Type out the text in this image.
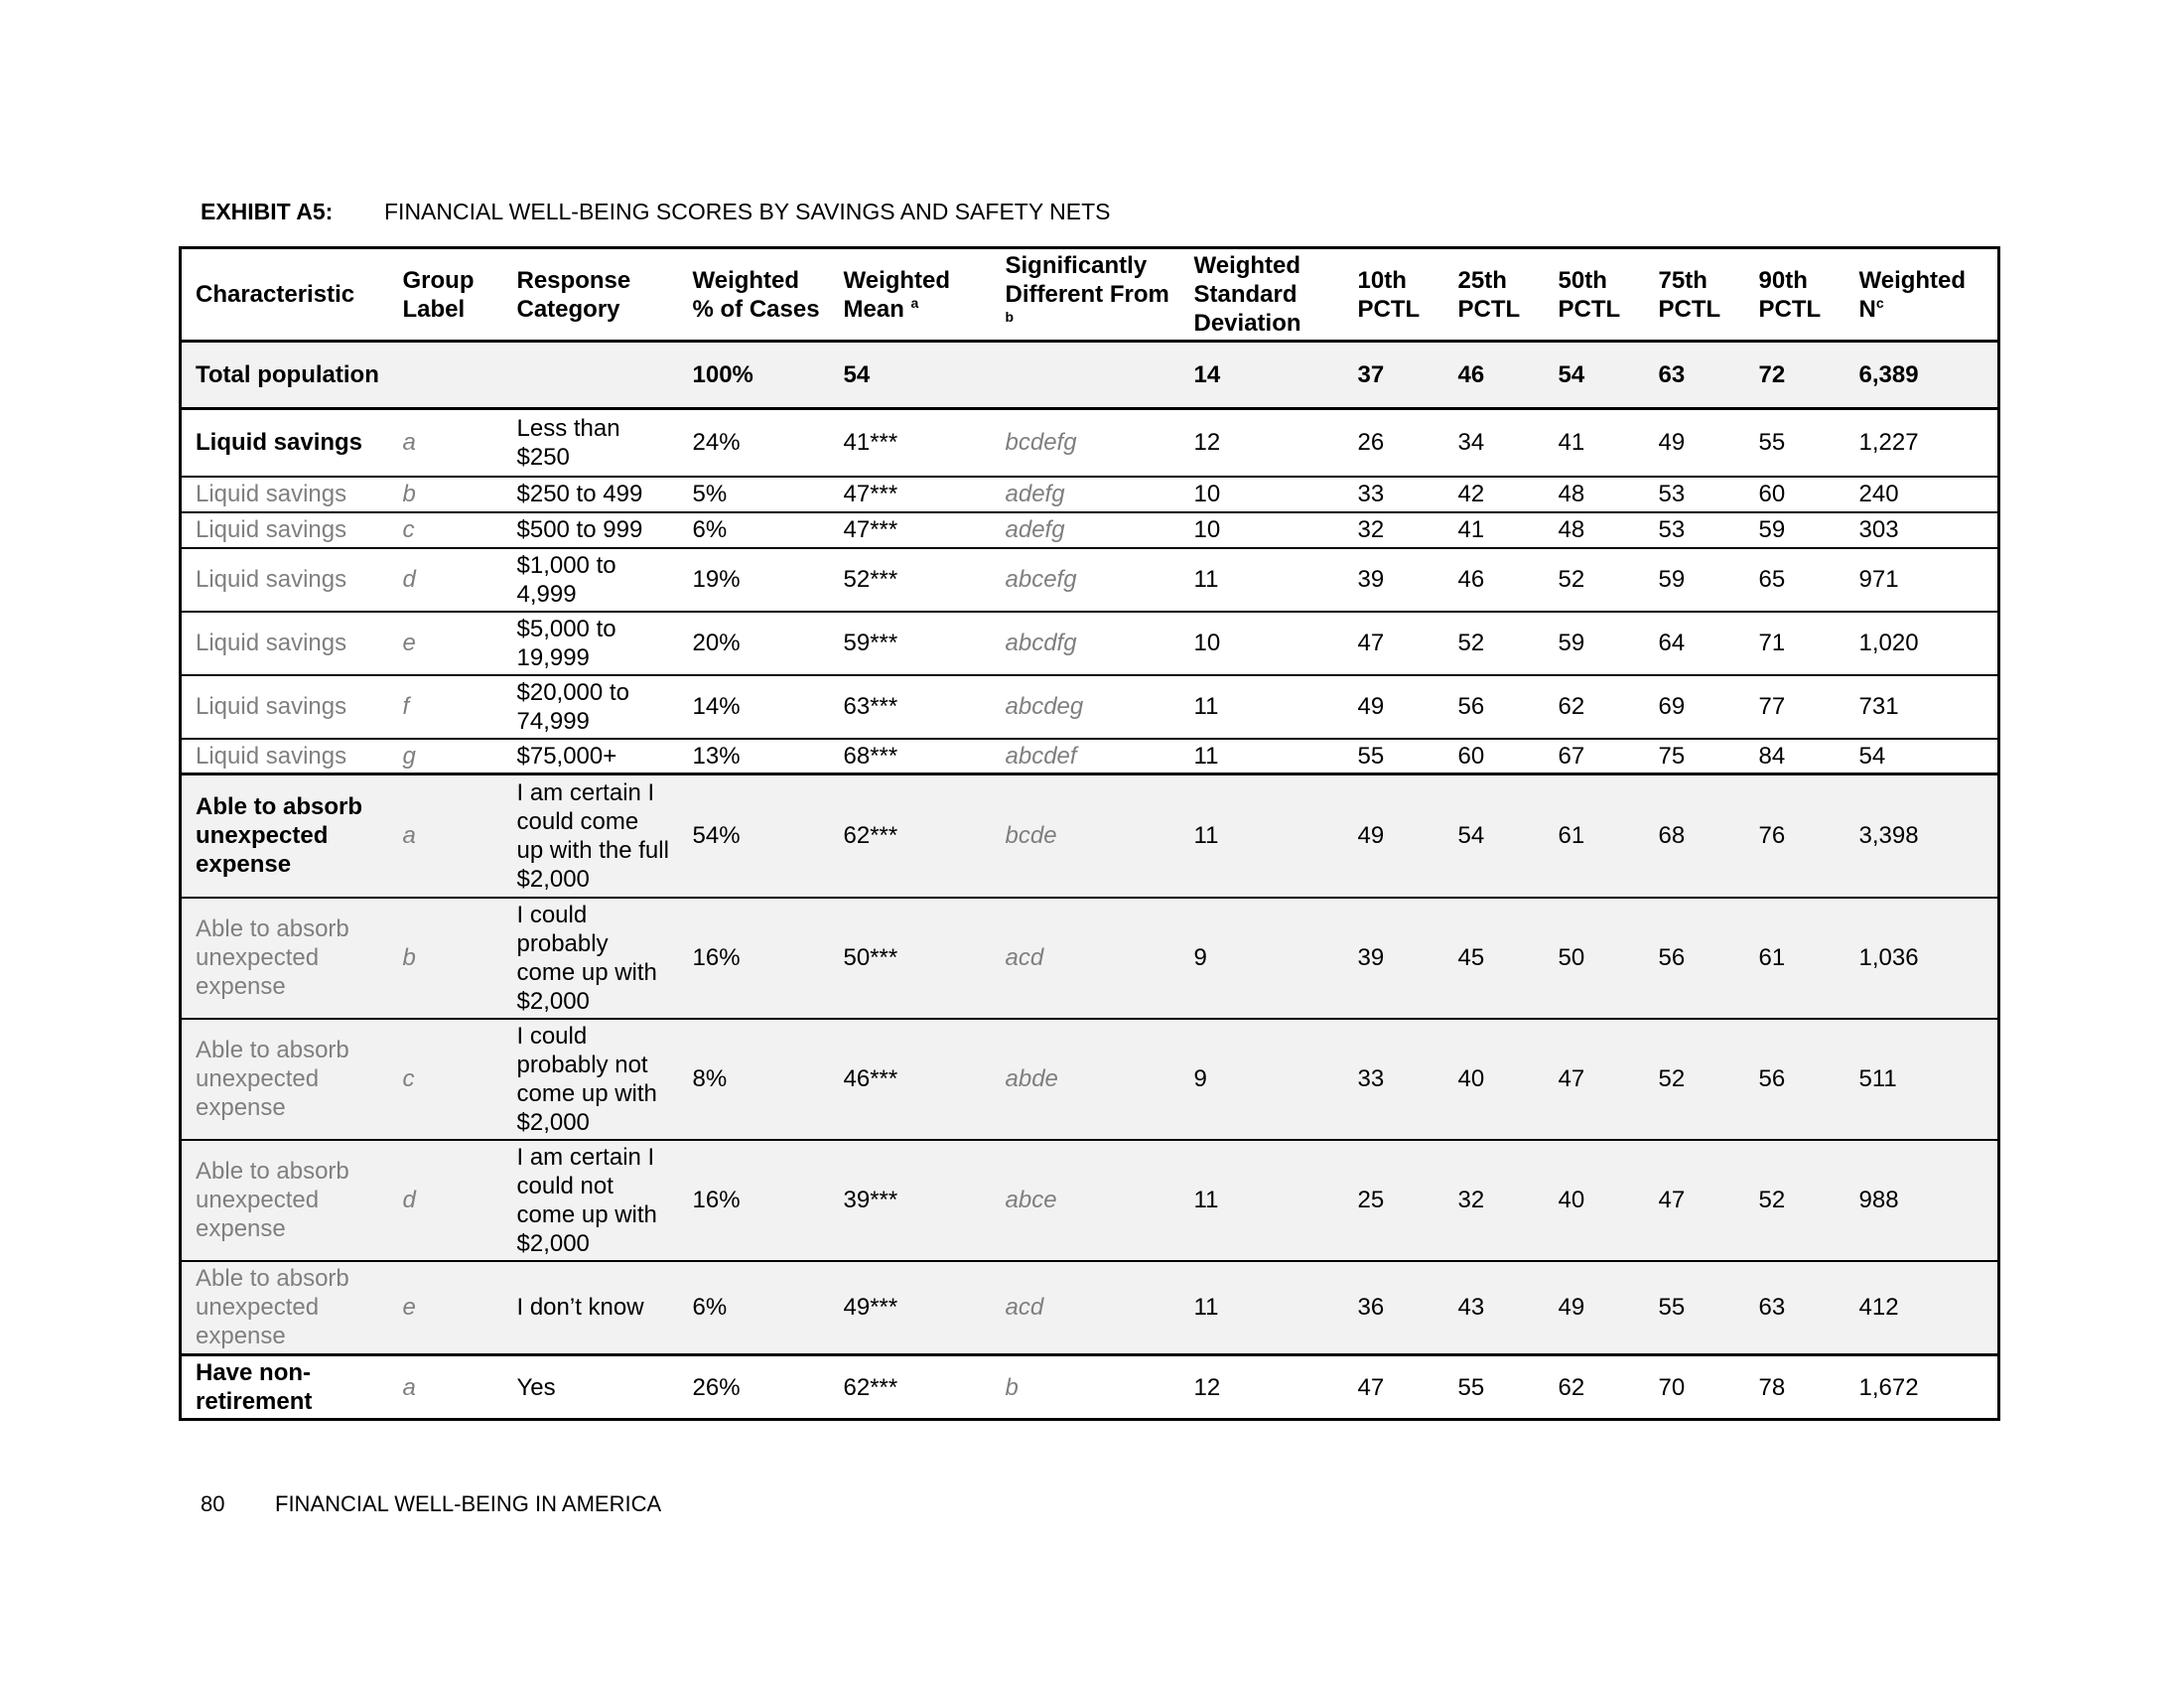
EXHIBIT A5: FINANCIAL WELL-BEING SCORES BY SAVINGS AND SAFETY NETS
Characteristic	Group Label	Response Category	Weighted % of Cases	Weighted Mean $^a$	Significantly Different From $^b$	Weighted Standard Deviation	10th PCTL	25th PCTL	50th PCTL	75th PCTL	90th PCTL	Weighted $N^c$
Total population			100%	54		14	37	46	54	63	72	6,389
Liquid savings	a	Less than $250	24%	41***	bcdefg	12	26	34	41	49	55	1,227
Liquid savings	b	$250 to 499	5%	47***	adefg	10	33	42	48	53	60	240
Liquid savings	c	$500 to 999	6%	47***	adefg	10	32	41	48	53	59	303
Liquid savings	d	$1,000 to 4,999	19%	52***	abcefg	11	39	46	52	59	65	971
Liquid savings	e	$5,000 to 19,999	20%	59***	abcdfg	10	47	52	59	64	71	1,020
Liquid savings	f	$20,000 to 74,999	14%	63***	abcdeg	11	49	56	62	69	77	731
Liquid savings	g	$75,000+	13%	68***	abcdef	11	55	60	67	75	84	54
Able to absorb unexpected expense	a	I am certain I could come up with the full $2,000	54%	62***	bcde	11	49	54	61	68	76	3,398
Able to absorb unexpected expense	b	I could probably come up with $2,000	16%	50***	acd	9	39	45	50	56	61	1,036
Able to absorb unexpected expense	c	I could probably not come up with $2,000	8%	46***	abde	9	33	40	47	52	56	511
Able to absorb unexpected expense	d	I am certain I could not come up with $2,000	16%	39***	abce	11	25	32	40	47	52	988
Able to absorb unexpected expense	e	I don’t know	6%	49***	acd	11	36	43	49	55	63	412
Have non-retirement	a	Yes	26%	62***	b	12	47	55	62	70	78	1,672
80 FINANCIAL WELL-BEING IN AMERICA
